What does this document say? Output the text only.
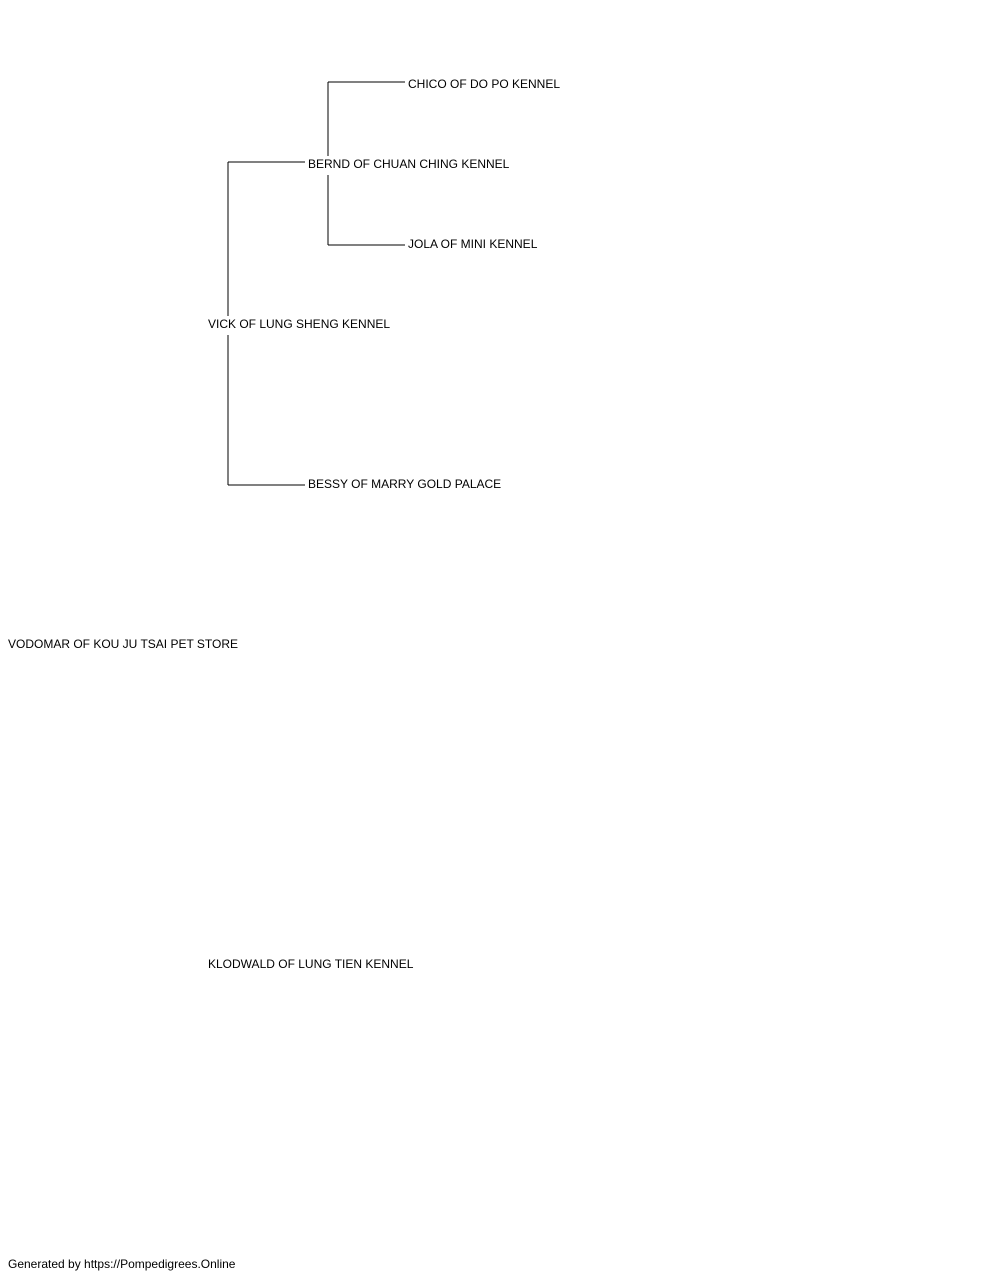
CHICO OF DO PO KENNEL
BERND OF CHUAN CHING KENNEL
JOLA OF MINI KENNEL
VICK OF LUNG SHENG KENNEL
BESSY OF MARRY GOLD PALACE
VODOMAR OF KOU JU TSAI PET STORE
KLODWALD OF LUNG TIEN KENNEL
Generated by https://Pompedigrees.Online
